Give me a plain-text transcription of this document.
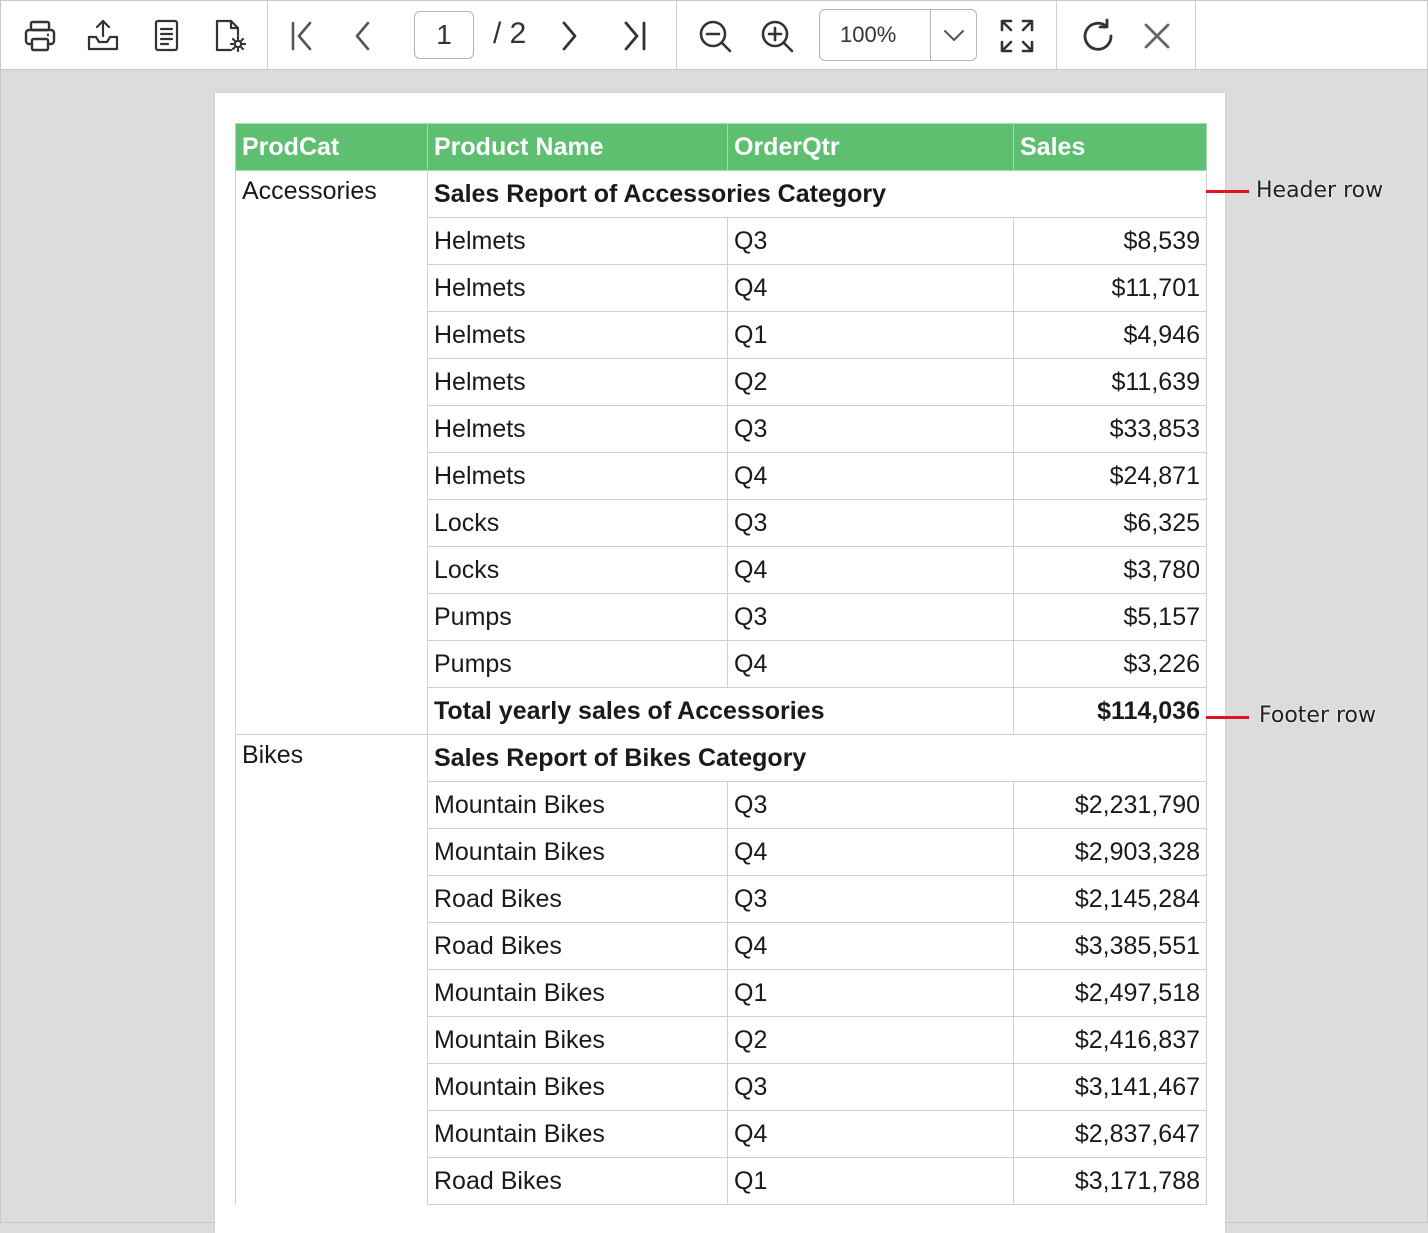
1
/ 2	100%
ProdCat	Product Name	OrderQtr	Sales
Accessories	Sales Report of Accessories Category		
	Helmets	Q3	$8,539
	Helmets	Q4	$11,701
	Helmets	Q1	$4,946
	Helmets	Q2	$11,639
	Helmets	Q3	$33,853
	Helmets	Q4	$24,871
	Locks	Q3	$6,325
	Locks	Q4	$3,780
	Pumps	Q3	$5,157
	Pumps	Q4	$3,226
	Total yearly sales of Accessories		$114,036
Bikes	Sales Report of Bikes Category		
	Mountain Bikes	Q3	$2,231,790
	Mountain Bikes	Q4	$2,903,328
	Road Bikes	Q3	$2,145,284
	Road Bikes	Q4	$3,385,551
	Mountain Bikes	Q1	$2,497,518
	Mountain Bikes	Q2	$2,416,837
	Mountain Bikes	Q3	$3,141,467
	Mountain Bikes	Q4	$2,837,647
	Road Bikes	Q1	$3,171,788
Header row
Footer row
